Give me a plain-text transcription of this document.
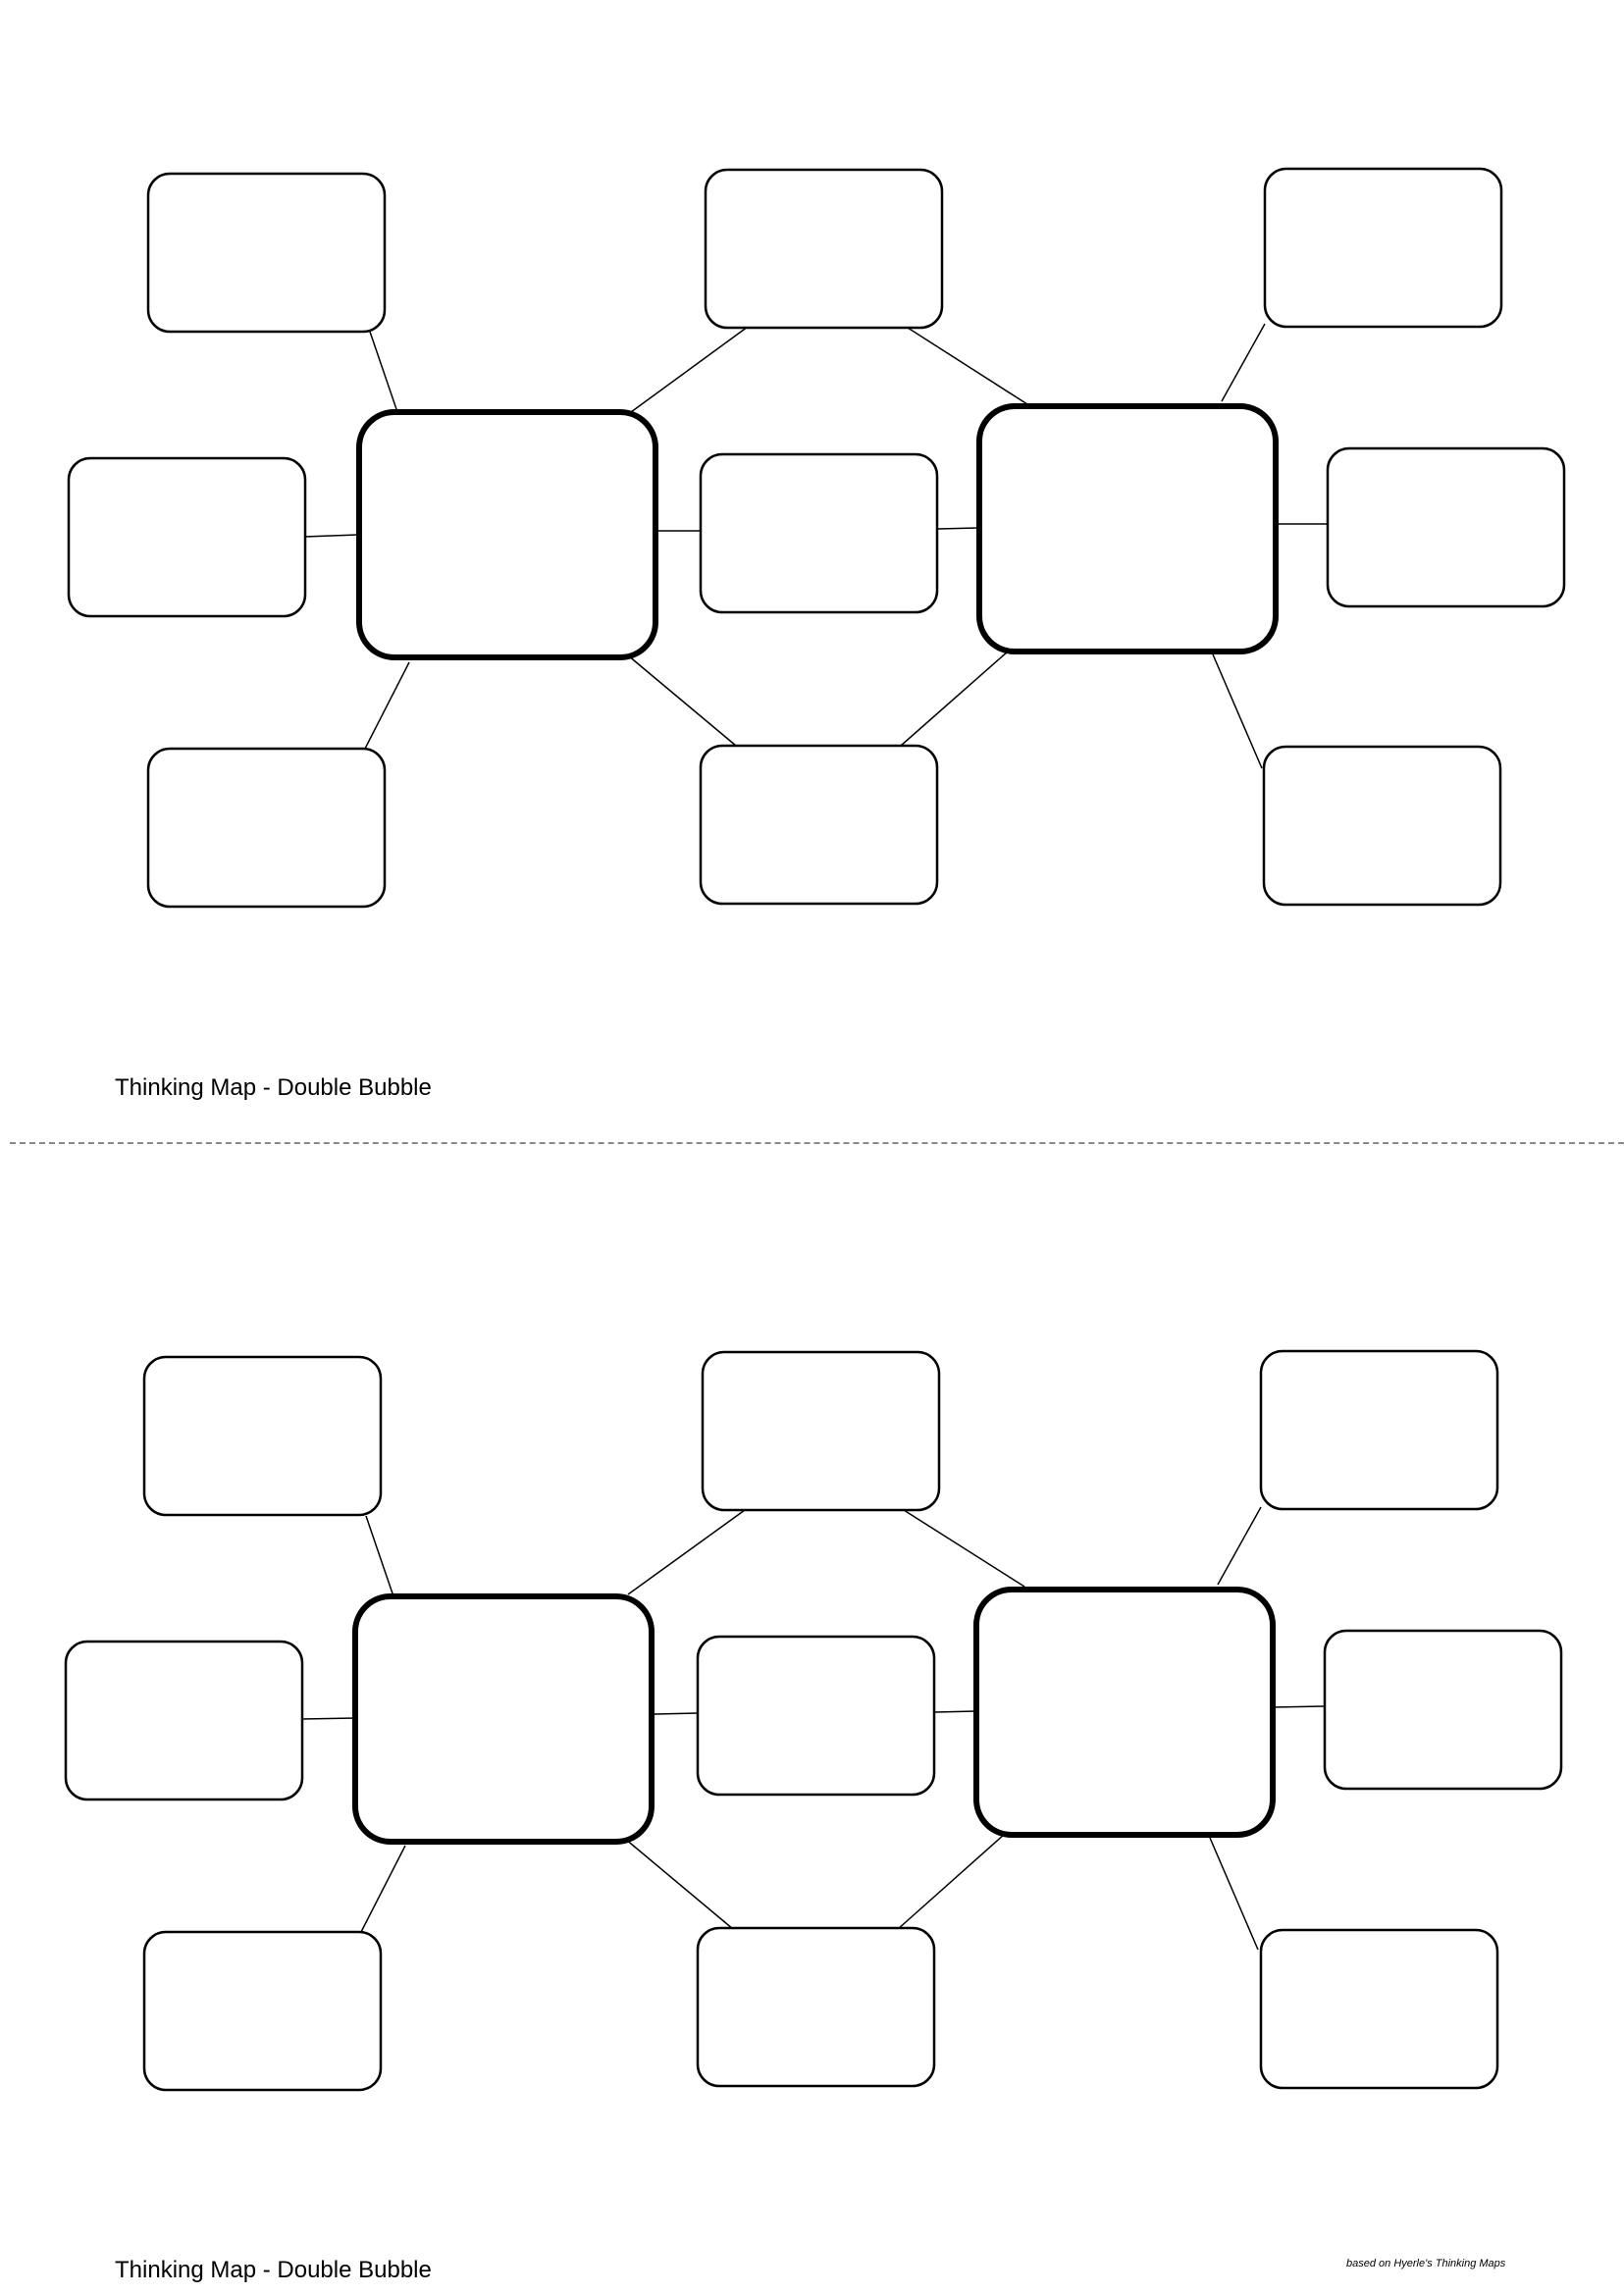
Thinking Map - Double Bubble
Thinking Map - Double Bubble	based on Hyerle's Thinking Maps
